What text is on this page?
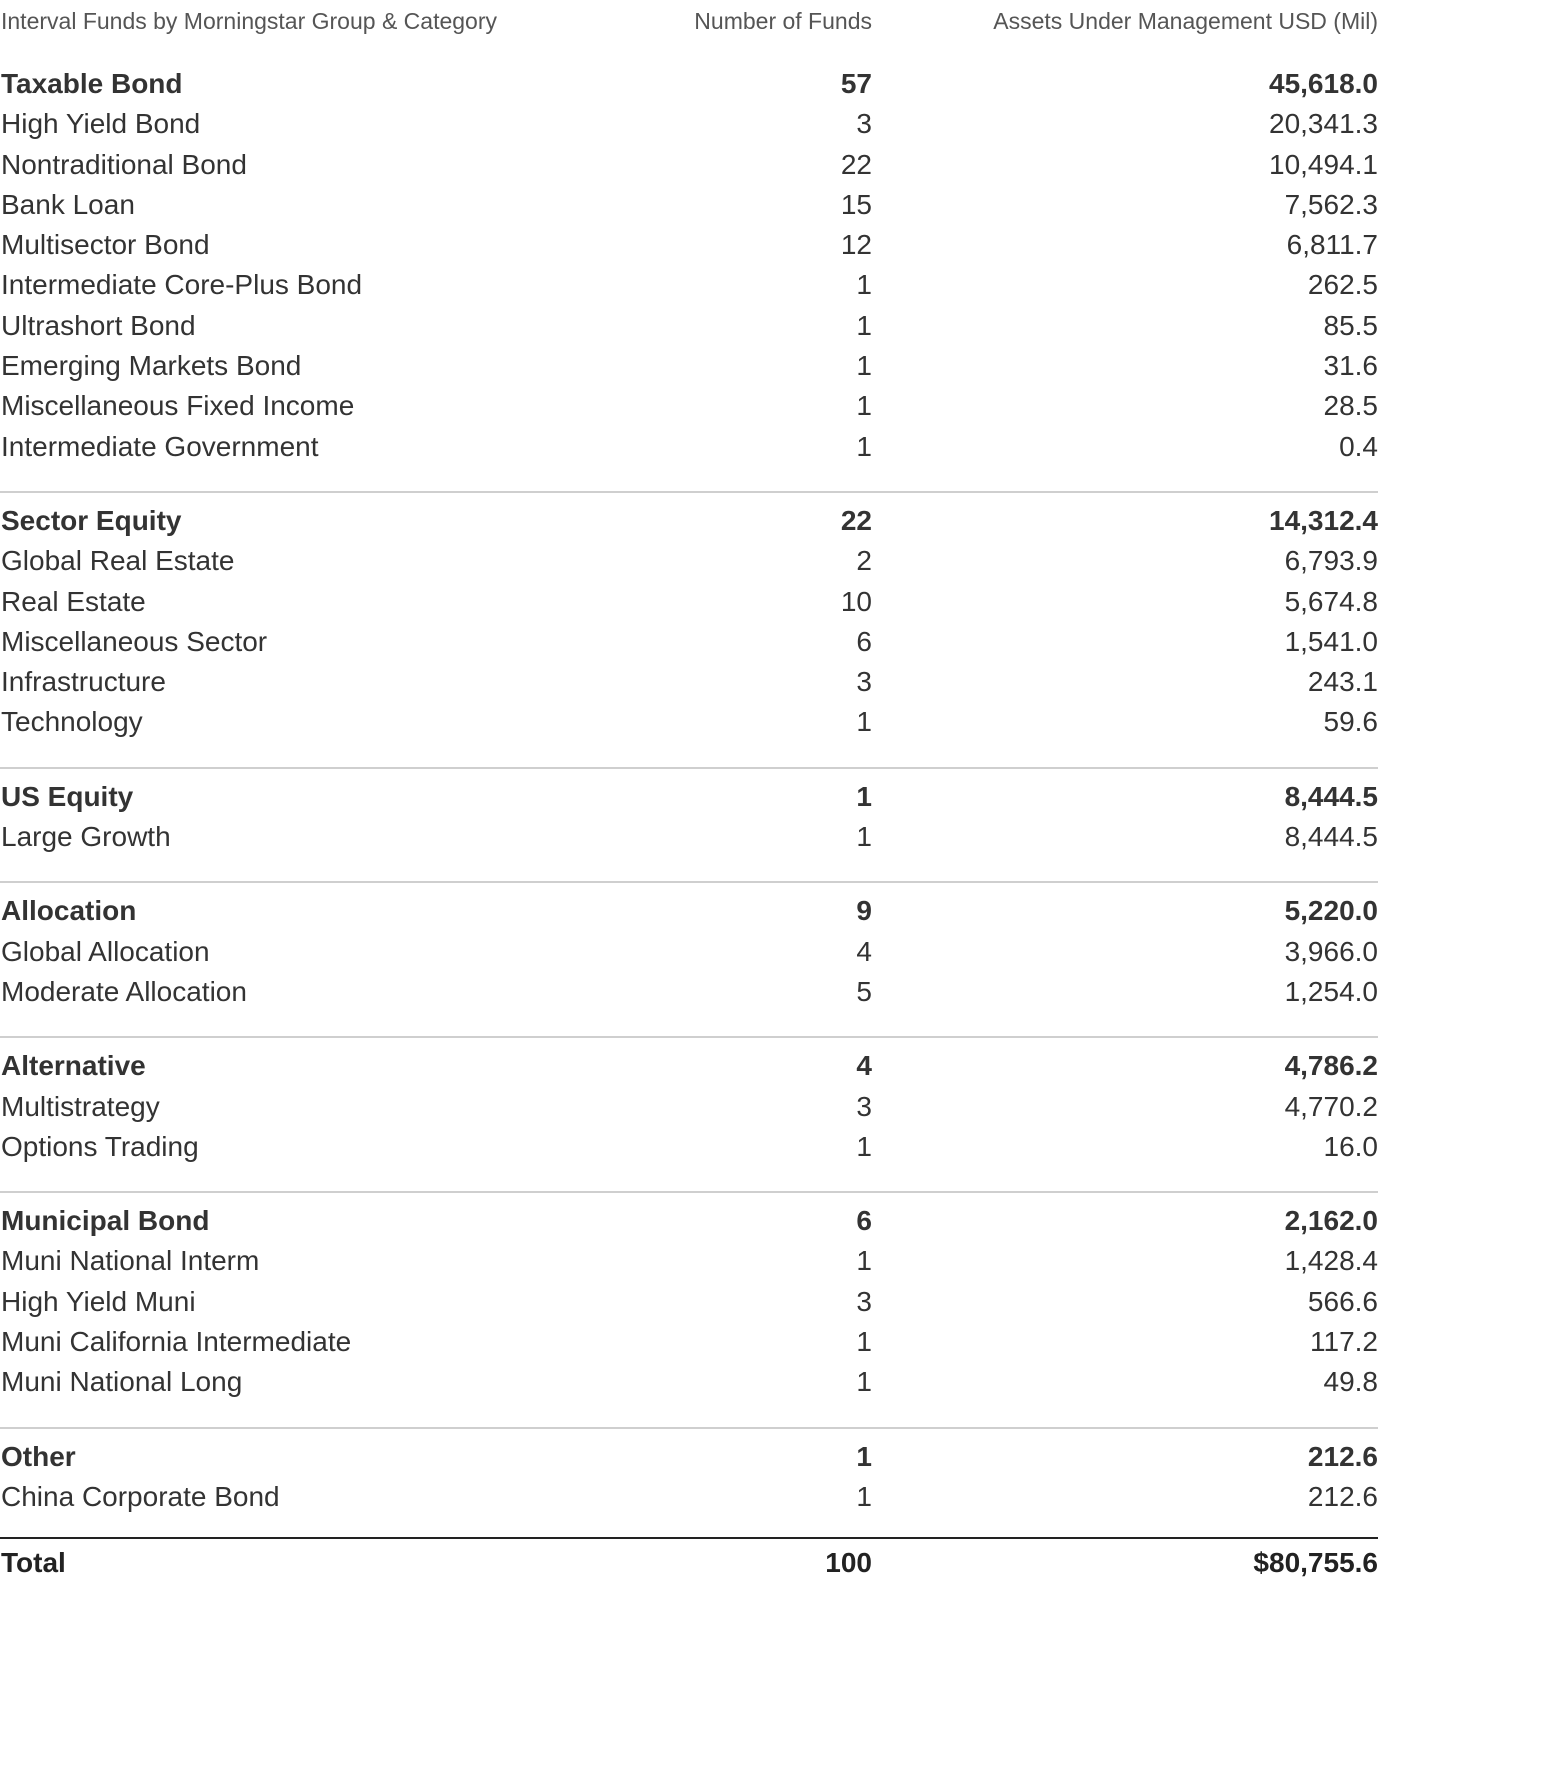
Interval Funds by Morningstar Group & Category	Number of Funds	Assets Under Management USD (Mil)
Taxable Bond	57	45,618.0
High Yield Bond	3	20,341.3
Nontraditional Bond	22	10,494.1
Bank Loan	15	7,562.3
Multisector Bond	12	6,811.7
Intermediate Core-Plus Bond	1	262.5
Ultrashort Bond	1	85.5
Emerging Markets Bond	1	31.6
Miscellaneous Fixed Income	1	28.5
Intermediate Government	1	0.4
Sector Equity	22	14,312.4
Global Real Estate	2	6,793.9
Real Estate	10	5,674.8
Miscellaneous Sector	6	1,541.0
Infrastructure	3	243.1
Technology	1	59.6
US Equity	1	8,444.5
Large Growth	1	8,444.5
Allocation	9	5,220.0
Global Allocation	4	3,966.0
Moderate Allocation	5	1,254.0
Alternative	4	4,786.2
Multistrategy	3	4,770.2
Options Trading	1	16.0
Municipal Bond	6	2,162.0
Muni National Interm	1	1,428.4
High Yield Muni	3	566.6
Muni California Intermediate	1	117.2
Muni National Long	1	49.8
Other	1	212.6
China Corporate Bond	1	212.6
Total	100	$80,755.6
